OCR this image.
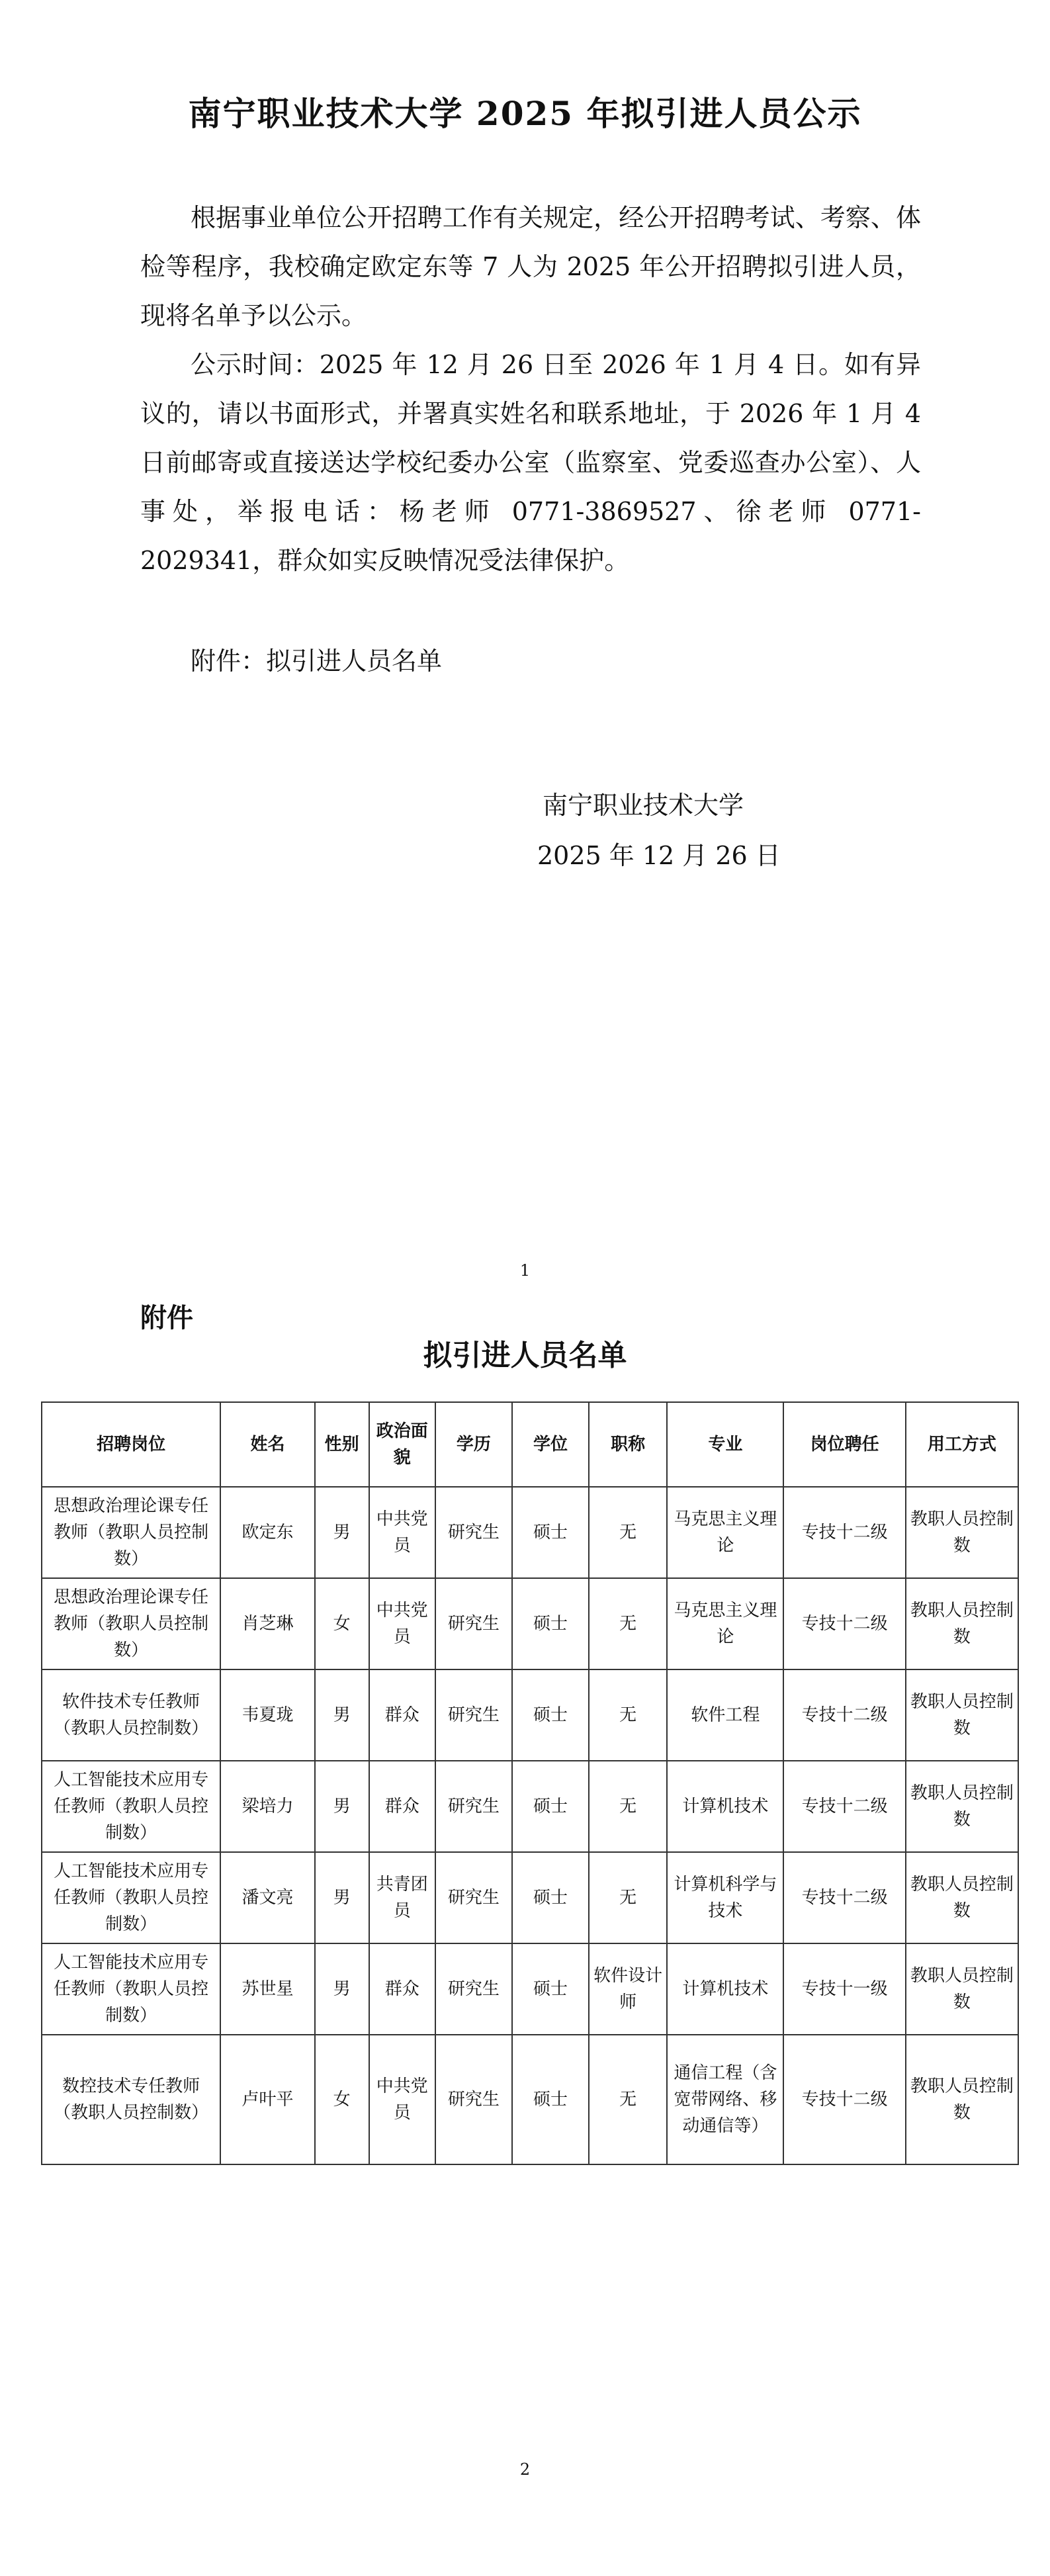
南宁职业技术大学 2025 年拟引进人员公示

根据事业单位公开招聘工作有关规定，经公开招聘考试、考察、体检等程序，我校确定欧定东等 7 人为 2025 年公开招聘拟引进人员，现将名单予以公示。

公示时间：2025 年 12 月 26 日至 2026 年 1 月 4 日。如有异议的，请以书面形式，并署真实姓名和联系地址，于 2026 年 1 月 4 日前邮寄或直接送达学校纪委办公室（监察室、党委巡查办公室）、人事处，举报电话：杨老师 0771-3869527、徐老师 0771-2029341，群众如实反映情况受法律保护。

附件：拟引进人员名单
南宁职业技术大学
2025 年 12 月 26 日
1
附件
拟引进人员名单
招聘岗位	姓名	性别	政治面貌	学历	学位	职称	专业	岗位聘任	用工方式
思想政治理论课专任教师（教职人员控制数）	欧定东	男	中共党员	研究生	硕士	无	马克思主义理论	专技十二级	教职人员控制数
思想政治理论课专任教师（教职人员控制数）	肖芝琳	女	中共党员	研究生	硕士	无	马克思主义理论	专技十二级	教职人员控制数
软件技术专任教师（教职人员控制数）	韦夏珑	男	群众	研究生	硕士	无	软件工程	专技十二级	教职人员控制数
人工智能技术应用专任教师（教职人员控制数）	梁培力	男	群众	研究生	硕士	无	计算机技术	专技十二级	教职人员控制数
人工智能技术应用专任教师（教职人员控制数）	潘文亮	男	共青团员	研究生	硕士	无	计算机科学与技术	专技十二级	教职人员控制数
人工智能技术应用专任教师（教职人员控制数）	苏世星	男	群众	研究生	硕士	软件设计师	计算机技术	专技十一级	教职人员控制数
数控技术专任教师（教职人员控制数）	卢叶平	女	中共党员	研究生	硕士	无	通信工程（含宽带网络、移动通信等）	专技十二级	教职人员控制数
2
